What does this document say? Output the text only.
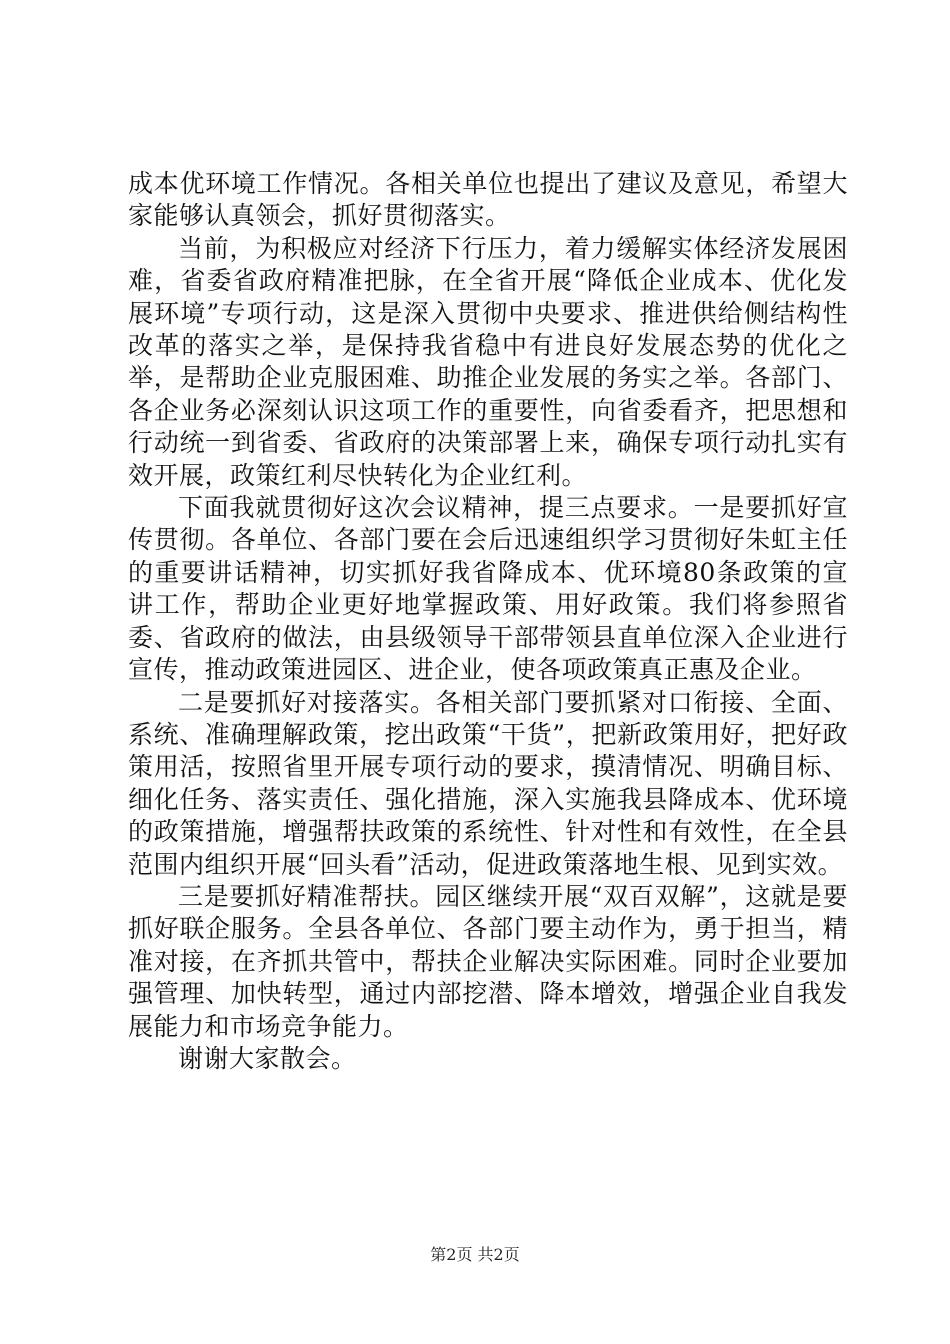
成本优环境工作情况。各相关单位也提出了建议及意见，希望大家能够认真领会，抓好贯彻落实。

当前，为积极应对经济下行压力，着力缓解实体经济发展困难，省委省政府精准把脉，在全省开展“降低企业成本、优化发展环境”专项行动，这是深入贯彻中央要求、推进供给侧结构性改革的落实之举，是保持我省稳中有进良好发展态势的优化之举，是帮助企业克服困难、助推企业发展的务实之举。各部门、各企业务必深刻认识这项工作的重要性，向省委看齐，把思想和行动统一到省委、省政府的决策部署上来，确保专项行动扎实有效开展，政策红利尽快转化为企业红利。

下面我就贯彻好这次会议精神，提三点要求。一是要抓好宣传贯彻。各单位、各部门要在会后迅速组织学习贯彻好朱虹主任的重要讲话精神，切实抓好我省降成本、优环境80条政策的宣讲工作，帮助企业更好地掌握政策、用好政策。我们将参照省委、省政府的做法，由县级领导干部带领县直单位深入企业进行宣传，推动政策进园区、进企业，使各项政策真正惠及企业。

二是要抓好对接落实。各相关部门要抓紧对口衔接、全面、系统、准确理解政策，挖出政策“干货”，把新政策用好，把好政策用活，按照省里开展专项行动的要求，摸清情况、明确目标、细化任务、落实责任、强化措施，深入实施我县降成本、优环境的政策措施，增强帮扶政策的系统性、针对性和有效性，在全县范围内组织开展“回头看”活动，促进政策落地生根、见到实效。

三是要抓好精准帮扶。园区继续开展“双百双解”，这就是要抓好联企服务。全县各单位、各部门要主动作为，勇于担当，精准对接，在齐抓共管中，帮扶企业解决实际困难。同时企业要加强管理、加快转型，通过内部挖潜、降本增效，增强企业自我发展能力和市场竞争能力。

谢谢大家散会。

第2页 共2页
